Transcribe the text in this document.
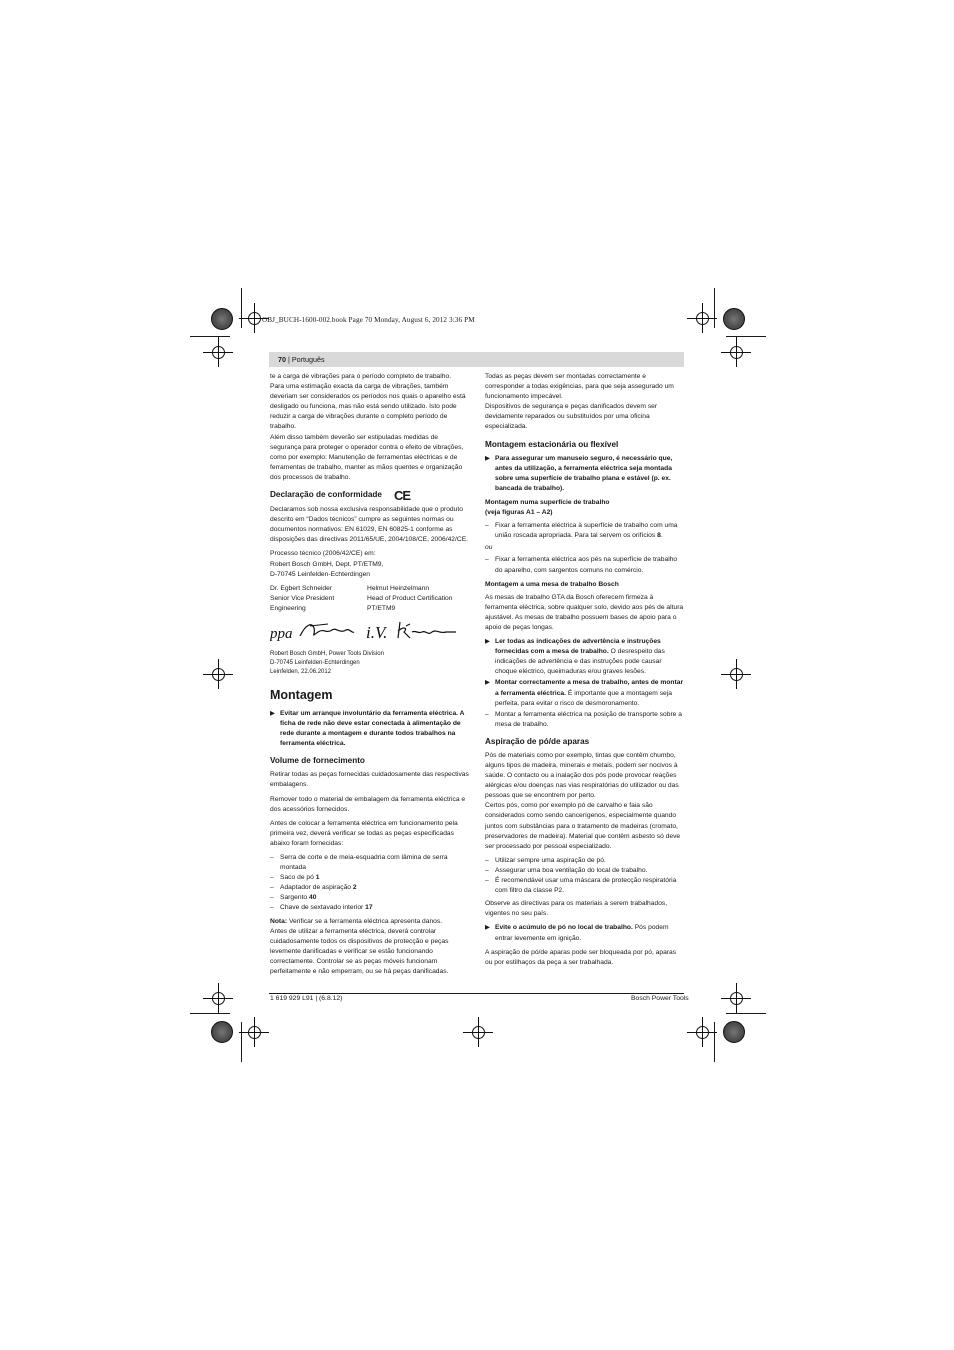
OBJ_BUCH-1600-002.book Page 70 Monday, August 6, 2012 3:36 PM
70 | Português

te a carga de vibrações para o período completo de trabalho.

Para uma estimação exacta da carga de vibrações, também deveriam ser considerados os períodos nos quais o aparelho está desligado ou funciona, mas não está sendo utilizado. Isto pode reduzir a carga de vibrações durante o completo período de trabalho.

Além disso também deverão ser estipuladas medidas de segurança para proteger o operador contra o efeito de vibrações, como por exemplo: Manutenção de ferramentas eléctricas e de ferramentas de trabalho, manter as mãos quentes e organização dos processos de trabalho.

Declaração de conformidade CE

Declaramos sob nossa exclusiva responsabilidade que o produto descrito em “Dados técnicos” cumpre as seguintes normas ou documentos normativos: EN 61029, EN 60825-1 conforme as disposições das directivas 2011/65/UE, 2004/108/CE, 2006/42/CE.

Processo técnico (2006/42/CE) em:

Robert Bosch GmbH, Dept. PT/ETM9,

D-70745 Leinfelden-Echterdingen

Dr. Egbert Schneider

Senior Vice President

Engineering

Helmut Heinzelmann

Head of Product Certification

PT/ETM9

ppa	i.V.
Robert Bosch GmbH, Power Tools Division
D-70745 Leinfelden-Echterdingen
Leinfelden, 22.06.2012
Montagem
▶ Evitar um arranque involuntário da ferramenta eléctrica. A ficha de rede não deve estar conectada à alimentação de rede durante a montagem e durante todos trabalhos na ferramenta eléctrica.
Volume de fornecimento

Retirar todas as peças fornecidas cuidadosamente das respectivas embalagens.

Remover todo o material de embalagem da ferramenta eléctrica e dos acessórios fornecidos.

Antes de colocar a ferramenta eléctrica em funcionamento pela primeira vez, deverá verificar se todas as peças especificadas abaixo foram fornecidas:

– Serra de corte e de meia-esquadria com lâmina de serra montada
– Saco de pó 1
– Adaptador de aspiração 2
– Sargento 40
– Chave de sextavado interior 17

Nota: Verificar se a ferramenta eléctrica apresenta danos.

Antes de utilizar a ferramenta eléctrica, deverá controlar cuidadosamente todos os dispositivos de protecção e peças levemente danificadas e verificar se estão funcionando correctamente. Controlar se as peças móveis funcionam perfeitamente e não emperram, ou se há peças danificadas.

Todas as peças devem ser montadas correctamente e corresponder a todas exigências, para que seja assegurado um funcionamento impecável.

Dispositivos de segurança e peças danificados devem ser devidamente reparados ou substituídos por uma oficina especializada.

Montagem estacionária ou flexível
▶ Para assegurar um manuseio seguro, é necessário que, antes da utilização, a ferramenta eléctrica seja montada sobre uma superfície de trabalho plana e estável (p. ex. bancada de trabalho).
Montagem numa superfície de trabalho
(veja figuras A1 – A2)
– Fixar a ferramenta eléctrica à superfície de trabalho com uma união roscada apropriada. Para tal servem os orifícios 8.
ou
– Fixar a ferramenta eléctrica aos pés na superfície de trabalho do aparelho, com sargentos comuns no comércio.
Montagem a uma mesa de trabalho Bosch

As mesas de trabalho GTA da Bosch oferecem firmeza à ferramenta eléctrica, sobre qualquer solo, devido aos pés de altura ajustável. As mesas de trabalho possuem bases de apoio para o apoio de peças longas.

▶ Ler todas as indicações de advertência e instruções fornecidas com a mesa de trabalho. O desrespeito das indicações de advertência e das instruções pode causar choque eléctrico, queimaduras e/ou graves lesões.
▶ Montar correctamente a mesa de trabalho, antes de montar a ferramenta eléctrica. É importante que a montagem seja perfeita, para evitar o risco de desmoronamento.
– Montar a ferramenta eléctrica na posição de transporte sobre a mesa de trabalho.
Aspiração de pó/de aparas

Pós de materiais como por exemplo, tintas que contêm chumbo, alguns tipos de madeira, minerais e metais, podem ser nocivos à saúde. O contacto ou a inalação dos pós pode provocar reações alérgicas e/ou doenças nas vias respiratórias do utilizador ou das pessoas que se encontrem por perto.

Certos pós, como por exemplo pó de carvalho e faia são considerados como sendo cancerígenos, especialmente quando juntos com substâncias para o tratamento de madeiras (cromato, preservadores de madeira). Material que contêm asbesto só deve ser processado por pessoal especializado.

– Utilizar sempre uma aspiração de pó.
– Assegurar uma boa ventilação do local de trabalho.
– É recomendável usar uma máscara de protecção respiratória com filtro da classe P2.

Observe as directivas para os materiais a serem trabalhados, vigentes no seu país.

▶ Evite o acúmulo de pó no local de trabalho. Pós podem entrar levemente em ignição.

A aspiração de pó/de aparas pode ser bloqueada por pó, aparas ou por estilhaços da peça a ser trabalhada.

1 619 929 L91 | (6.8.12)	Bosch Power Tools
